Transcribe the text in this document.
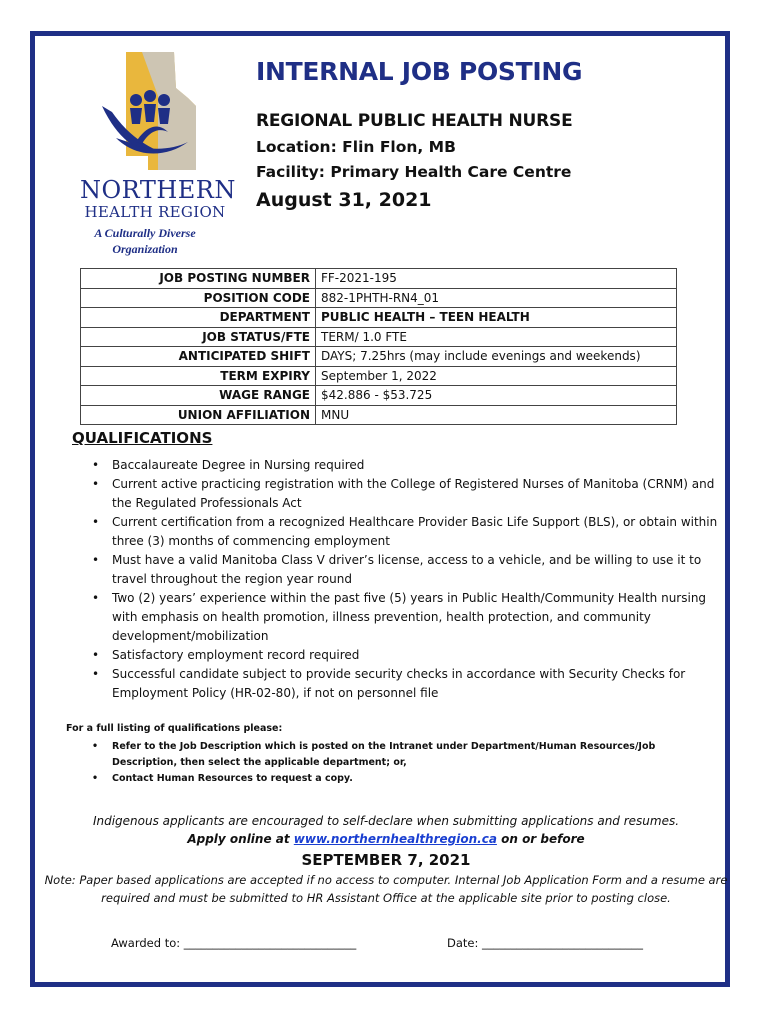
NORTHERN
HEALTH REGION
A Culturally Diverse
Organization
INTERNAL JOB POSTING
REGIONAL PUBLIC HEALTH NURSE
Location: Flin Flon, MB
Facility: Primary Health Care Centre
August 31, 2021
JOB POSTING NUMBER	FF-2021-195
POSITION CODE	882-1PHTH-RN4_01
DEPARTMENT	PUBLIC HEALTH – TEEN HEALTH
JOB STATUS/FTE	TERM/ 1.0 FTE
ANTICIPATED SHIFT	DAYS; 7.25hrs (may include evenings and weekends)
TERM EXPIRY	September 1, 2022
WAGE RANGE	$42.886 - $53.725
UNION AFFILIATION	MNU
QUALIFICATIONS
• Baccalaureate Degree in Nursing required
• Current active practicing registration with the College of Registered Nurses of Manitoba (CRNM) and the Regulated Professionals Act
• Current certification from a recognized Healthcare Provider Basic Life Support (BLS), or obtain within three (3) months of commencing employment
• Must have a valid Manitoba Class V driver’s license, access to a vehicle, and be willing to use it to travel throughout the region year round
• Two (2) years’ experience within the past five (5) years in Public Health/Community Health nursing with emphasis on health promotion, illness prevention, health protection, and community development/mobilization
• Satisfactory employment record required
• Successful candidate subject to provide security checks in accordance with Security Checks for Employment Policy (HR-02-80), if not on personnel file
For a full listing of qualifications please:
• Refer to the Job Description which is posted on the Intranet under Department/Human Resources/Job Description, then select the applicable department; or,
• Contact Human Resources to request a copy.
Indigenous applicants are encouraged to self-declare when submitting applications and resumes.
Apply online at www.northernhealthregion.ca on or before
SEPTEMBER 7, 2021
Note: Paper based applications are accepted if no access to computer. Internal Job Application Form and a resume are
required and must be submitted to HR Assistant Office at the applicable site prior to posting close.
Awarded to: ______________________________	Date: ____________________________
